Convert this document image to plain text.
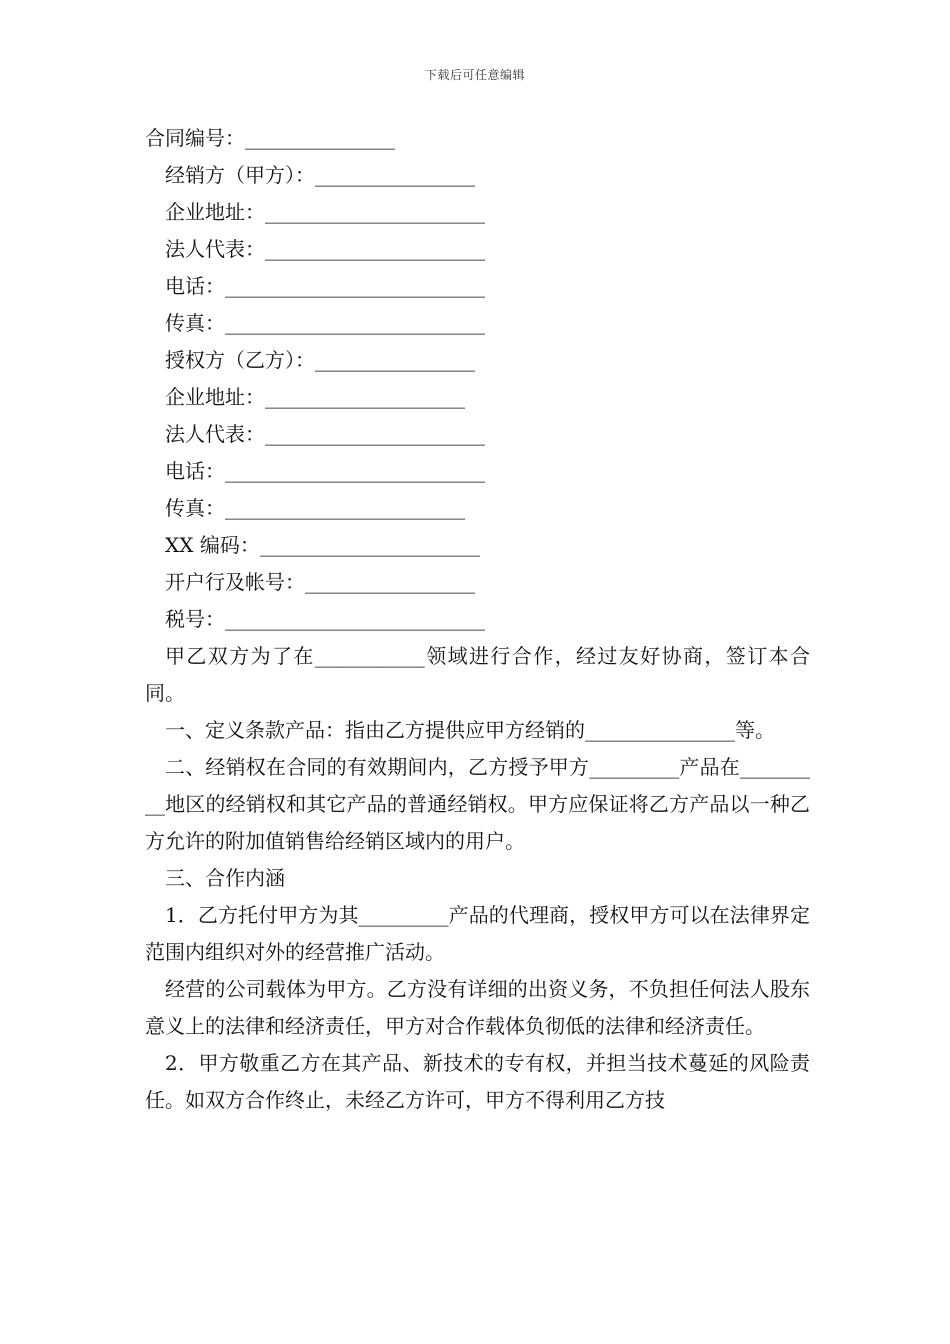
下载后可任意编辑
合同编号：_______________
经销方（甲方）：________________
企业地址：______________________
法人代表：______________________
电话：__________________________
传真：__________________________
授权方（乙方）：________________
企业地址：____________________
法人代表：______________________
电话：__________________________
传真：________________________
XX 编码：______________________
开户行及帐号：_________________
税号：__________________________

甲乙双方为了在___________领域进行合作，经过友好协商，签订本合同。

一、定义条款产品：指由乙方提供应甲方经销的_______________等。

二、经销权在合同的有效期间内，乙方授予甲方_________产品在_________地区的经销权和其它产品的普通经销权。甲方应保证将乙方产品以一种乙方允许的附加值销售给经销区域内的用户。

三、合作内涵

1．乙方托付甲方为其_________产品的代理商，授权甲方可以在法律界定范围内组织对外的经营推广活动。

经营的公司载体为甲方。乙方没有详细的出资义务，不负担任何法人股东意义上的法律和经济责任，甲方对合作载体负彻低的法律和经济责任。

2．甲方敬重乙方在其产品、新技术的专有权，并担当技术蔓延的风险责任。如双方合作终止，未经乙方许可，甲方不得利用乙方技
